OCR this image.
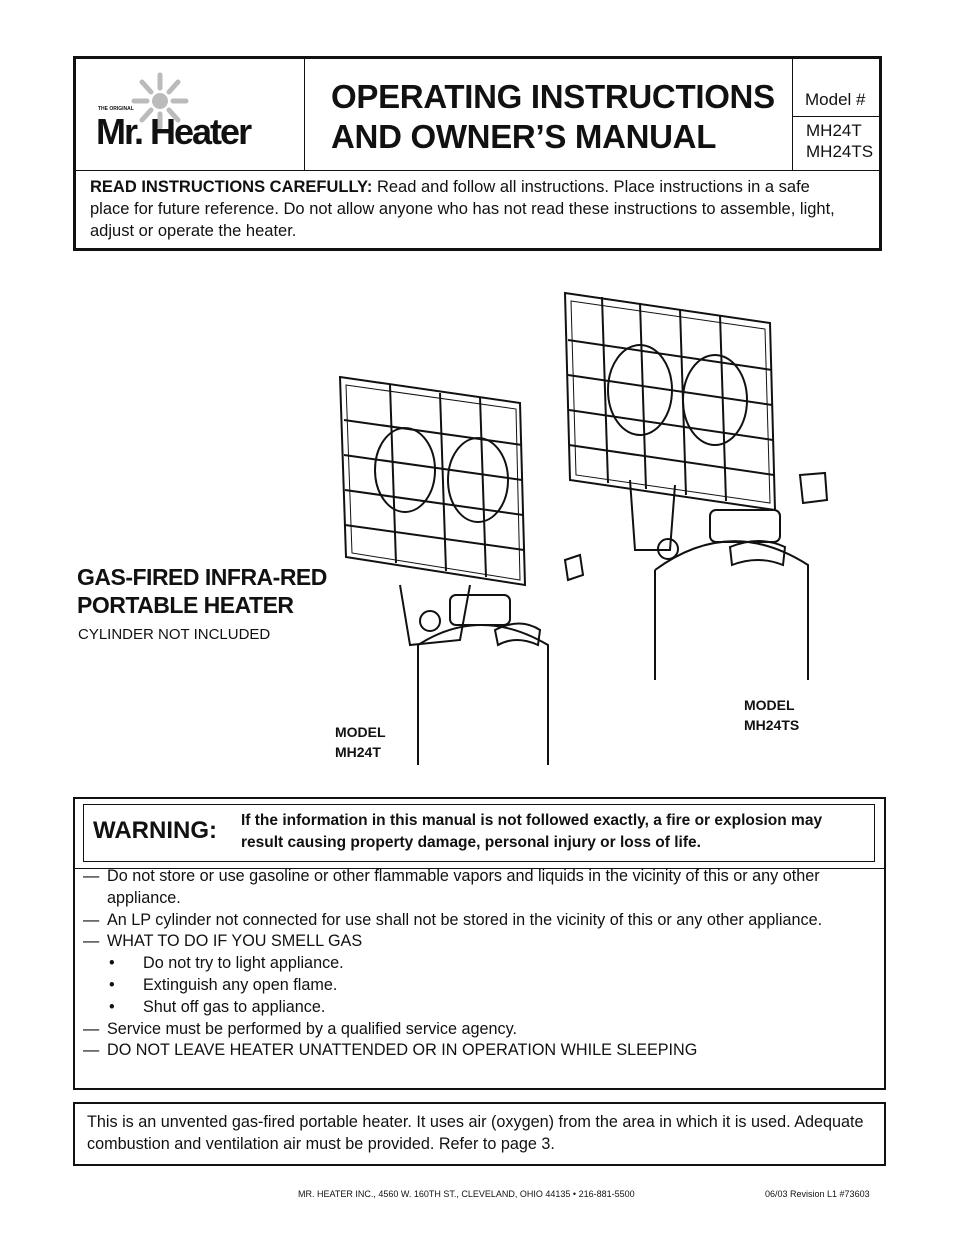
THE ORIGINAL
Mr. Heater
OPERATING INSTRUCTIONS
AND OWNER’S MANUAL
Model #
MH24T
MH24TS
READ INSTRUCTIONS CAREFULLY: Read and follow all instructions. Place instructions in a safe place for future reference. Do not allow anyone who has not read these instructions to assemble, light, adjust or operate the heater.
GAS-FIRED INFRA-RED
PORTABLE HEATER
CYLINDER NOT INCLUDED
MODEL
MH24T
MODEL
MH24TS
WARNING: If the information in this manual is not followed exactly, a fire or explosion may result causing property damage, personal injury or loss of life.
— Do not store or use gasoline or other flammable vapors and liquids in the vicinity of this or any other appliance.
— An LP cylinder not connected for use shall not be stored in the vicinity of this or any other appliance.
— WHAT TO DO IF YOU SMELL GAS
• Do not try to light appliance.
• Extinguish any open flame.
• Shut off gas to appliance.
— Service must be performed by a qualified service agency.
— DO NOT LEAVE HEATER UNATTENDED OR IN OPERATION WHILE SLEEPING
This is an unvented gas-fired portable heater. It uses air (oxygen) from the area in which it is used. Adequate combustion and ventilation air must be provided. Refer to page 3.
MR. HEATER INC., 4560 W. 160TH ST., CLEVELAND, OHIO 44135 • 216-881-5500	06/03 Revision L1 #73603
